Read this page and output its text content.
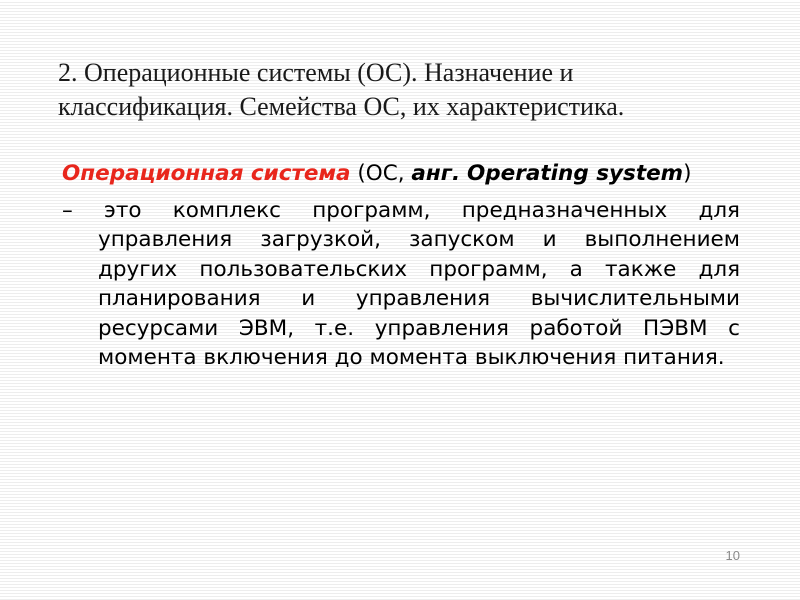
2. Операционные системы (ОС). Назначение и
классификация. Семейства ОС, их характеристика.

Операционная система (ОС, анг. Operating system)

– это комплекс программ, предназначенных для управления загрузкой, запуском и выполнением других пользовательских программ, а также для планирования и управления вычислительными ресурсами ЭВМ, т.е. управления работой ПЭВМ с момента включения до момента выключения питания.

10
